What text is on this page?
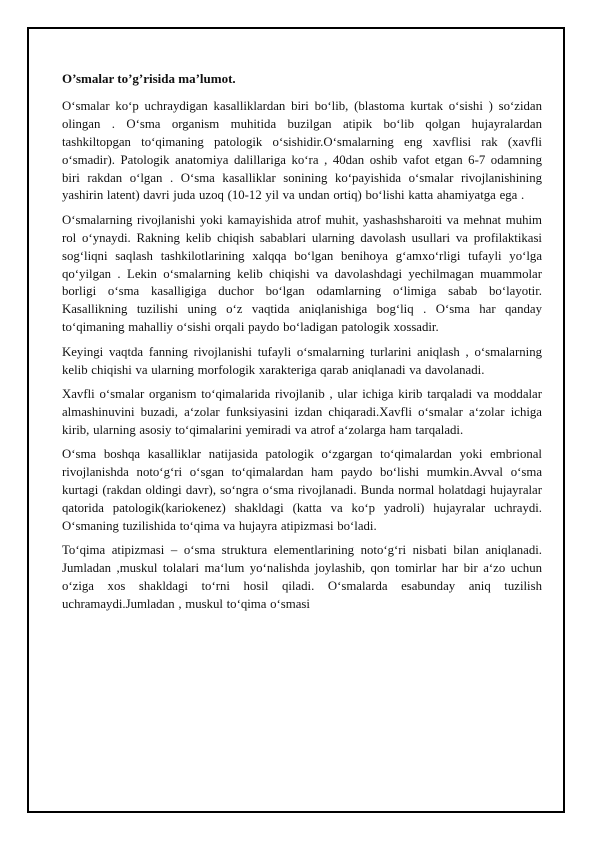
O’smalar to’g’risida ma’lumot.

O‘smalar ko‘p uchraydigan kasalliklardan biri bo‘lib, (blastoma kurtak o‘sishi ) so‘zidan olingan . O‘sma organism muhitida buzilgan atipik bo‘lib qolgan hujayralardan tashkiltopgan to‘qimaning patologik o‘sishidir.O‘smalarning eng xavflisi rak (xavfli o‘smadir). Patologik anatomiya dalillariga ko‘ra , 40dan oshib vafot etgan 6-7 odamning biri rakdan o‘lgan . O‘sma kasalliklar sonining ko‘payishida o‘smalar rivojlanishining yashirin latent) davri juda uzoq (10-12 yil va undan ortiq) bo‘lishi katta ahamiyatga ega .

O‘smalarning rivojlanishi yoki kamayishida atrof muhit, yashashsharoiti va mehnat muhim rol o‘ynaydi. Rakning kelib chiqish sabablari ularning davolash usullari va profilaktikasi sog‘liqni saqlash tashkilotlarining xalqqa bo‘lgan benihoya g‘amxo‘rligi tufayli yo‘lga qo‘yilgan . Lekin o‘smalarning kelib chiqishi va davolashdagi yechilmagan muammolar borligi o‘sma kasalligiga duchor bo‘lgan odamlarning o‘limiga sabab bo‘layotir. Kasallikning tuzilishi uning o‘z vaqtida aniqlanishiga bog‘liq . O‘sma har qanday to‘qimaning mahalliy o‘sishi orqali paydo bo‘ladigan patologik xossadir.

Keyingi vaqtda fanning rivojlanishi tufayli o‘smalarning turlarini aniqlash , o‘smalarning kelib chiqishi va ularning morfologik xarakteriga qarab aniqlanadi va davolanadi.

Xavfli o‘smalar organism to‘qimalarida rivojlanib , ular ichiga kirib tarqaladi va moddalar almashinuvini buzadi, a‘zolar funksiyasini izdan chiqaradi.Xavfli o‘smalar a‘zolar ichiga kirib, ularning asosiy to‘qimalarini yemiradi va atrof a‘zolarga ham tarqaladi.

O‘sma boshqa kasalliklar natijasida patologik o‘zgargan to‘qimalardan yoki embrional rivojlanishda noto‘g‘ri o‘sgan to‘qimalardan ham paydo bo‘lishi mumkin.Avval o‘sma kurtagi (rakdan oldingi davr), so‘ngra o‘sma rivojlanadi. Bunda normal holatdagi hujayralar qatorida patologik(kariokenez) shakldagi (katta va ko‘p yadroli) hujayralar uchraydi. O‘smaning tuzilishida to‘qima va hujayra atipizmasi bo‘ladi.

To‘qima atipizmasi – o‘sma struktura elementlarining noto‘g‘ri nisbati bilan aniqlanadi. Jumladan ,muskul tolalari ma‘lum yo‘nalishda joylashib, qon tomirlar har bir a‘zo uchun o‘ziga xos shakldagi to‘rni hosil qiladi. O‘smalarda esabunday aniq tuzilish uchramaydi.Jumladan , muskul to‘qima o‘smasi
